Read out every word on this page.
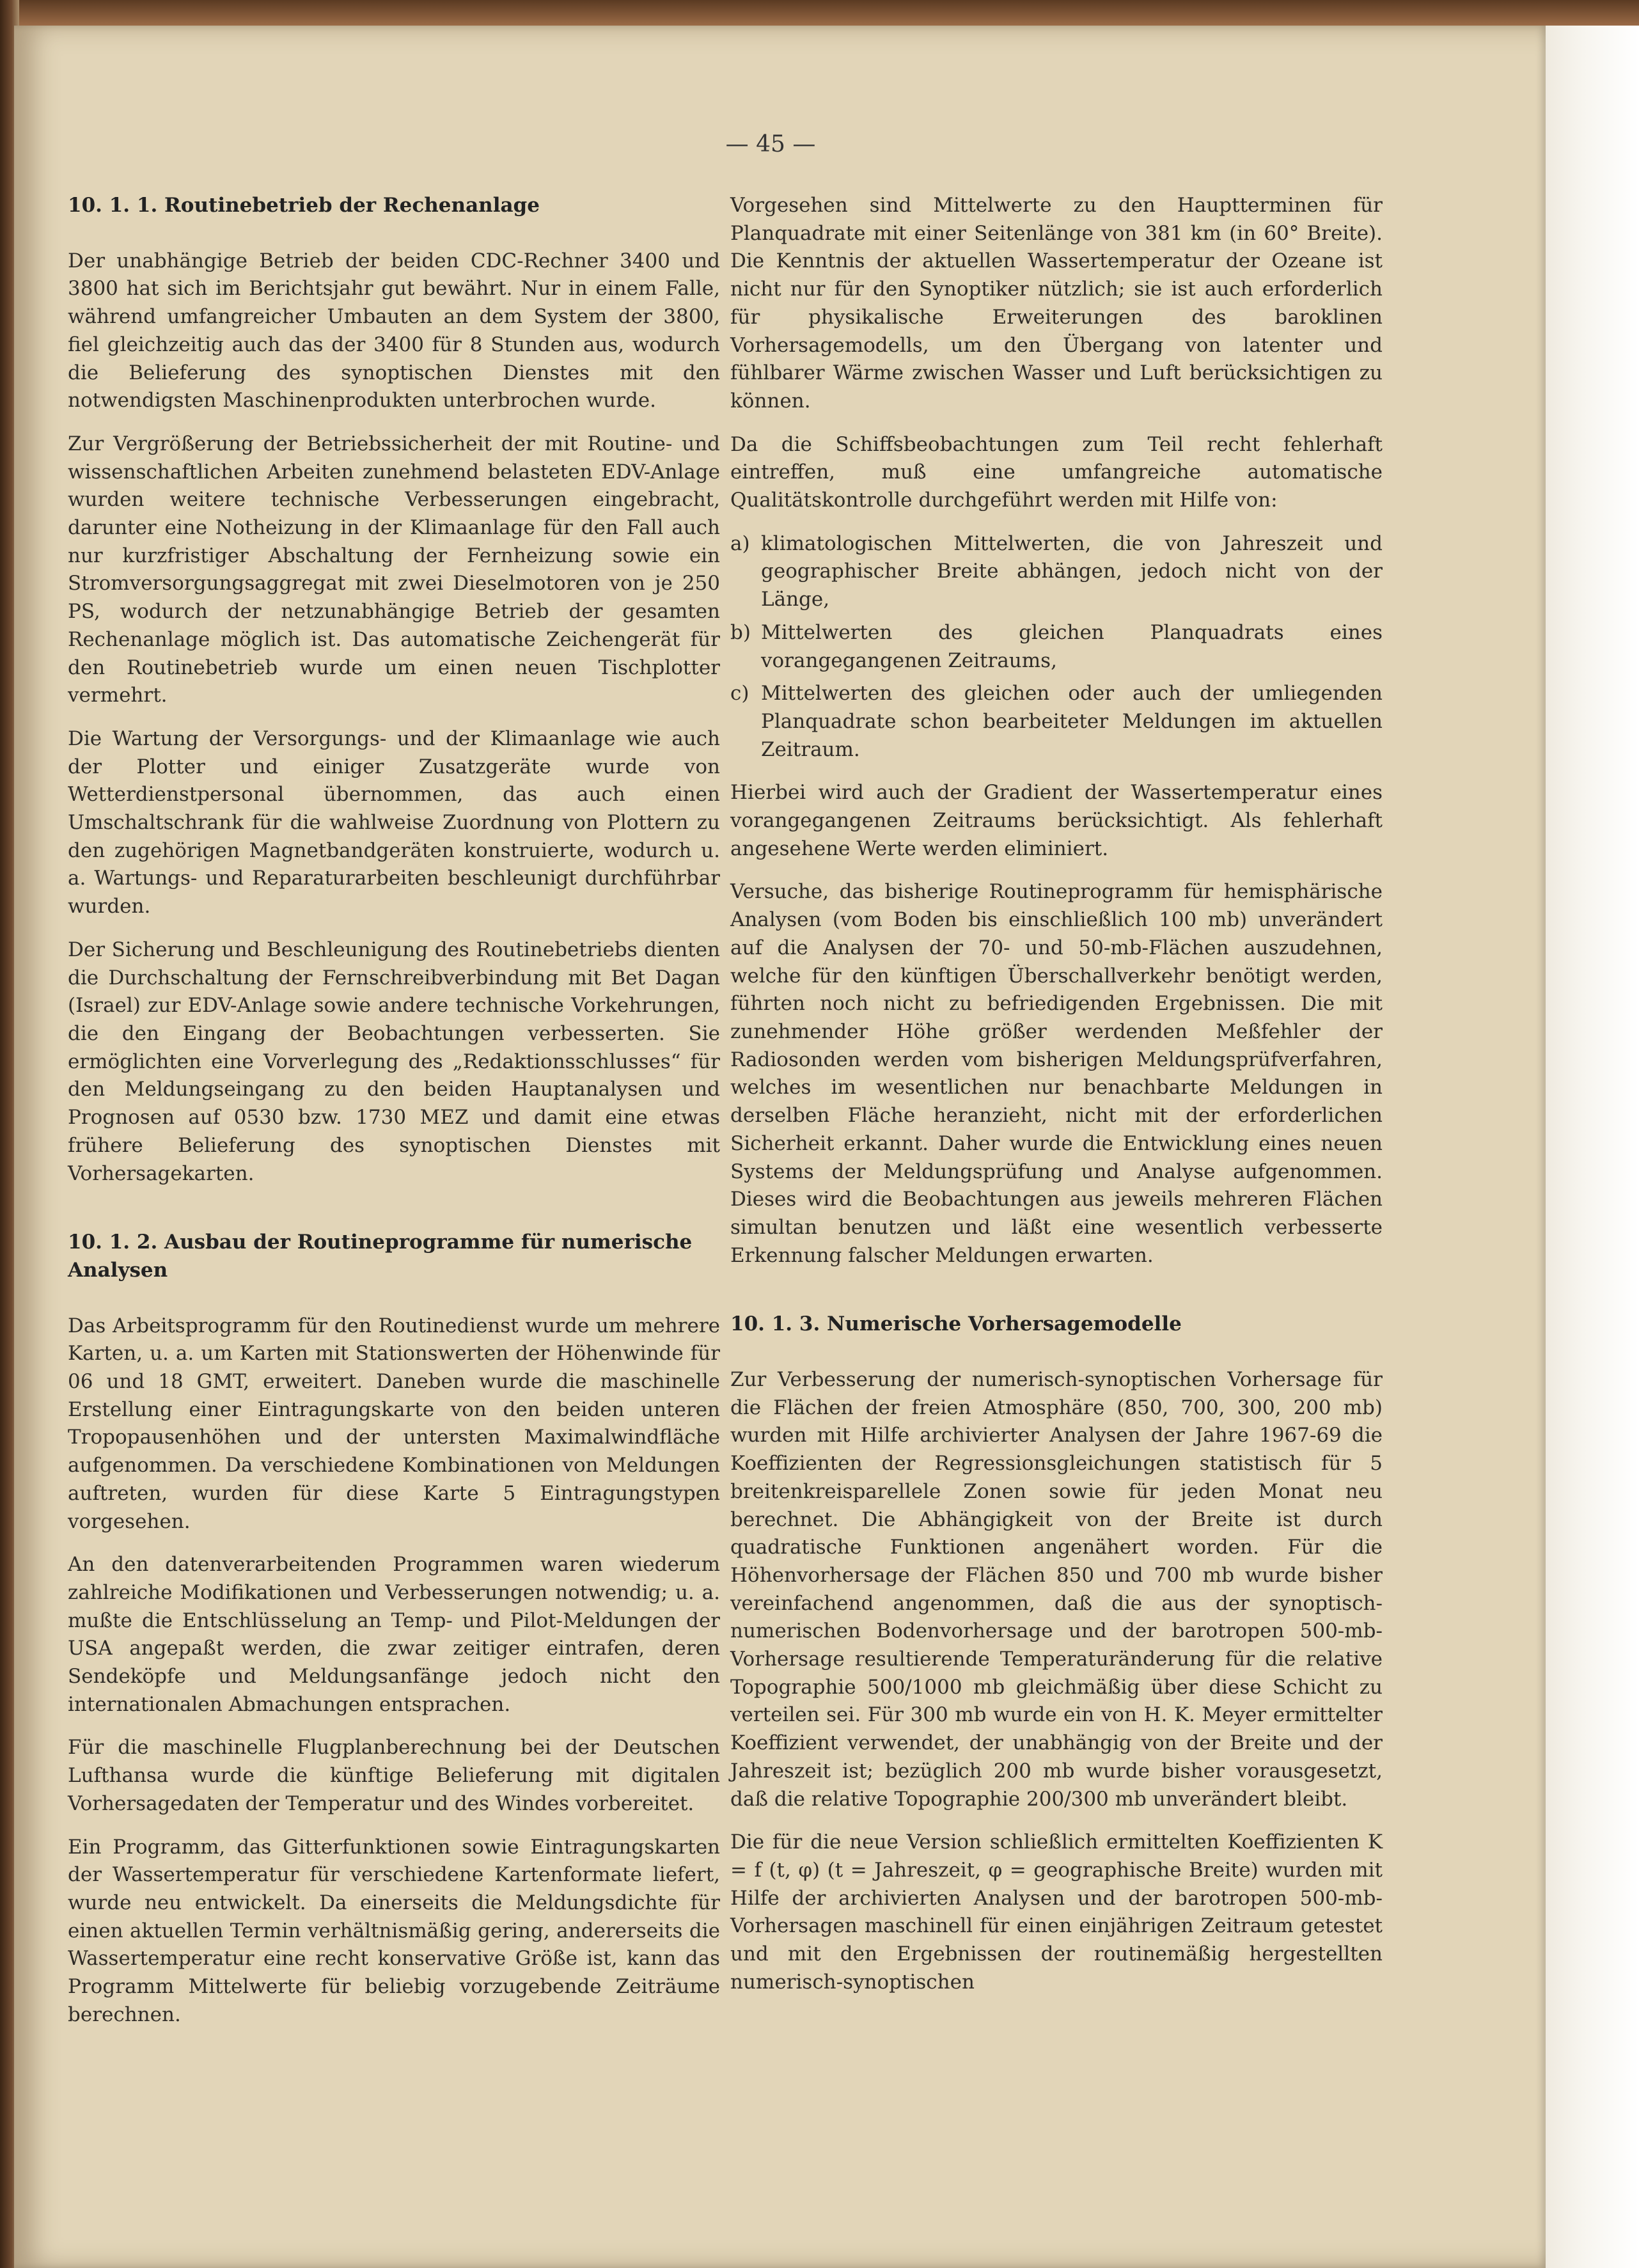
— 45 —
10. 1. 1. Routinebetrieb der Rechenanlage

Der unabhängige Betrieb der beiden CDC-Rechner 3400 und 3800 hat sich im Berichtsjahr gut bewährt. Nur in einem Falle, während umfangreicher Umbauten an dem System der 3800, fiel gleichzeitig auch das der 3400 für 8 Stunden aus, wodurch die Belieferung des synoptischen Dienstes mit den notwendigsten Maschinenprodukten unterbrochen wurde.

Zur Vergrößerung der Betriebssicherheit der mit Routine- und wissenschaftlichen Arbeiten zunehmend belasteten EDV-Anlage wurden weitere technische Verbesserungen eingebracht, darunter eine Notheizung in der Klimaanlage für den Fall auch nur kurzfristiger Abschaltung der Fernheizung sowie ein Stromversorgungsaggregat mit zwei Dieselmotoren von je 250 PS, wodurch der netzunabhängige Betrieb der gesamten Rechenanlage möglich ist. Das automatische Zeichengerät für den Routinebetrieb wurde um einen neuen Tischplotter vermehrt.

Die Wartung der Versorgungs- und der Klimaanlage wie auch der Plotter und einiger Zusatzgeräte wurde von Wetterdienstpersonal übernommen, das auch einen Umschaltschrank für die wahlweise Zuordnung von Plottern zu den zugehörigen Magnetbandgeräten konstruierte, wodurch u. a. Wartungs- und Reparaturarbeiten beschleunigt durchführbar wurden.

Der Sicherung und Beschleunigung des Routinebetriebs dienten die Durchschaltung der Fernschreibverbindung mit Bet Dagan (Israel) zur EDV-Anlage sowie andere technische Vorkehrungen, die den Eingang der Beobachtungen verbesserten. Sie ermöglichten eine Vorverlegung des „Redaktionsschlusses“ für den Meldungseingang zu den beiden Hauptanalysen und Prognosen auf 0530 bzw. 1730 MEZ und damit eine etwas frühere Belieferung des synoptischen Dienstes mit Vorhersagekarten.

10. 1. 2. Ausbau der Routineprogramme für numerische Analysen

Das Arbeitsprogramm für den Routinedienst wurde um mehrere Karten, u. a. um Karten mit Stationswerten der Höhenwinde für 06 und 18 GMT, erweitert. Daneben wurde die maschinelle Erstellung einer Eintragungskarte von den beiden unteren Tropopausenhöhen und der untersten Maximalwindfläche aufgenommen. Da verschiedene Kombinationen von Meldungen auftreten, wurden für diese Karte 5 Eintragungstypen vorgesehen.

An den datenverarbeitenden Programmen waren wiederum zahlreiche Modifikationen und Verbesserungen notwendig; u. a. mußte die Entschlüsselung an Temp- und Pilot-Meldungen der USA angepaßt werden, die zwar zeitiger eintrafen, deren Sendeköpfe und Meldungsanfänge jedoch nicht den internationalen Abmachungen entsprachen.

Für die maschinelle Flugplanberechnung bei der Deutschen Lufthansa wurde die künftige Belieferung mit digitalen Vorhersagedaten der Temperatur und des Windes vorbereitet.

Ein Programm, das Gitterfunktionen sowie Eintragungskarten der Wassertemperatur für verschiedene Kartenformate liefert, wurde neu entwickelt. Da einerseits die Meldungsdichte für einen aktuellen Termin verhältnismäßig gering, andererseits die Wassertemperatur eine recht konservative Größe ist, kann das Programm Mittelwerte für beliebig vorzugebende Zeiträume berechnen.

Vorgesehen sind Mittelwerte zu den Hauptterminen für Planquadrate mit einer Seitenlänge von 381 km (in 60° Breite). Die Kenntnis der aktuellen Wassertemperatur der Ozeane ist nicht nur für den Synoptiker nützlich; sie ist auch erforderlich für physikalische Erweiterungen des baroklinen Vorhersagemodells, um den Übergang von latenter und fühlbarer Wärme zwischen Wasser und Luft berücksichtigen zu können.

Da die Schiffsbeobachtungen zum Teil recht fehlerhaft eintreffen, muß eine umfangreiche automatische Qualitätskontrolle durchgeführt werden mit Hilfe von:

a) klimatologischen Mittelwerten, die von Jahreszeit und geographischer Breite abhängen, jedoch nicht von der Länge,
b) Mittelwerten des gleichen Planquadrats eines vorangegangenen Zeitraums,
c) Mittelwerten des gleichen oder auch der umliegenden Planquadrate schon bearbeiteter Meldungen im aktuellen Zeitraum.

Hierbei wird auch der Gradient der Wassertemperatur eines vorangegangenen Zeitraums berücksichtigt. Als fehlerhaft angesehene Werte werden eliminiert.

Versuche, das bisherige Routineprogramm für hemisphärische Analysen (vom Boden bis einschließlich 100 mb) unverändert auf die Analysen der 70- und 50-mb-Flächen auszudehnen, welche für den künftigen Überschallverkehr benötigt werden, führten noch nicht zu befriedigenden Ergebnissen. Die mit zunehmender Höhe größer werdenden Meßfehler der Radiosonden werden vom bisherigen Meldungsprüfverfahren, welches im wesentlichen nur benachbarte Meldungen in derselben Fläche heranzieht, nicht mit der erforderlichen Sicherheit erkannt. Daher wurde die Entwicklung eines neuen Systems der Meldungsprüfung und Analyse aufgenommen. Dieses wird die Beobachtungen aus jeweils mehreren Flächen simultan benutzen und läßt eine wesentlich verbesserte Erkennung falscher Meldungen erwarten.

10. 1. 3. Numerische Vorhersagemodelle

Zur Verbesserung der numerisch-synoptischen Vorhersage für die Flächen der freien Atmosphäre (850, 700, 300, 200 mb) wurden mit Hilfe archivierter Analysen der Jahre 1967-69 die Koeffizienten der Regressionsgleichungen statistisch für 5 breitenkreisparellele Zonen sowie für jeden Monat neu berechnet. Die Abhängigkeit von der Breite ist durch quadratische Funktionen angenähert worden. Für die Höhenvorhersage der Flächen 850 und 700 mb wurde bisher vereinfachend angenommen, daß die aus der synoptisch-numerischen Bodenvorhersage und der barotropen 500-mb-Vorhersage resultierende Temperaturänderung für die relative Topographie 500/1000 mb gleichmäßig über diese Schicht zu verteilen sei. Für 300 mb wurde ein von H. K. Meyer ermittelter Koeffizient verwendet, der unabhängig von der Breite und der Jahreszeit ist; bezüglich 200 mb wurde bisher vorausgesetzt, daß die relative Topographie 200/300 mb unverändert bleibt.

Die für die neue Version schließlich ermittelten Koeffizienten K = f (t, φ) (t = Jahreszeit, φ = geographische Breite) wurden mit Hilfe der archivierten Analysen und der barotropen 500-mb-Vorhersagen maschinell für einen einjährigen Zeitraum getestet und mit den Ergebnissen der routinemäßig hergestellten numerisch-synoptischen
